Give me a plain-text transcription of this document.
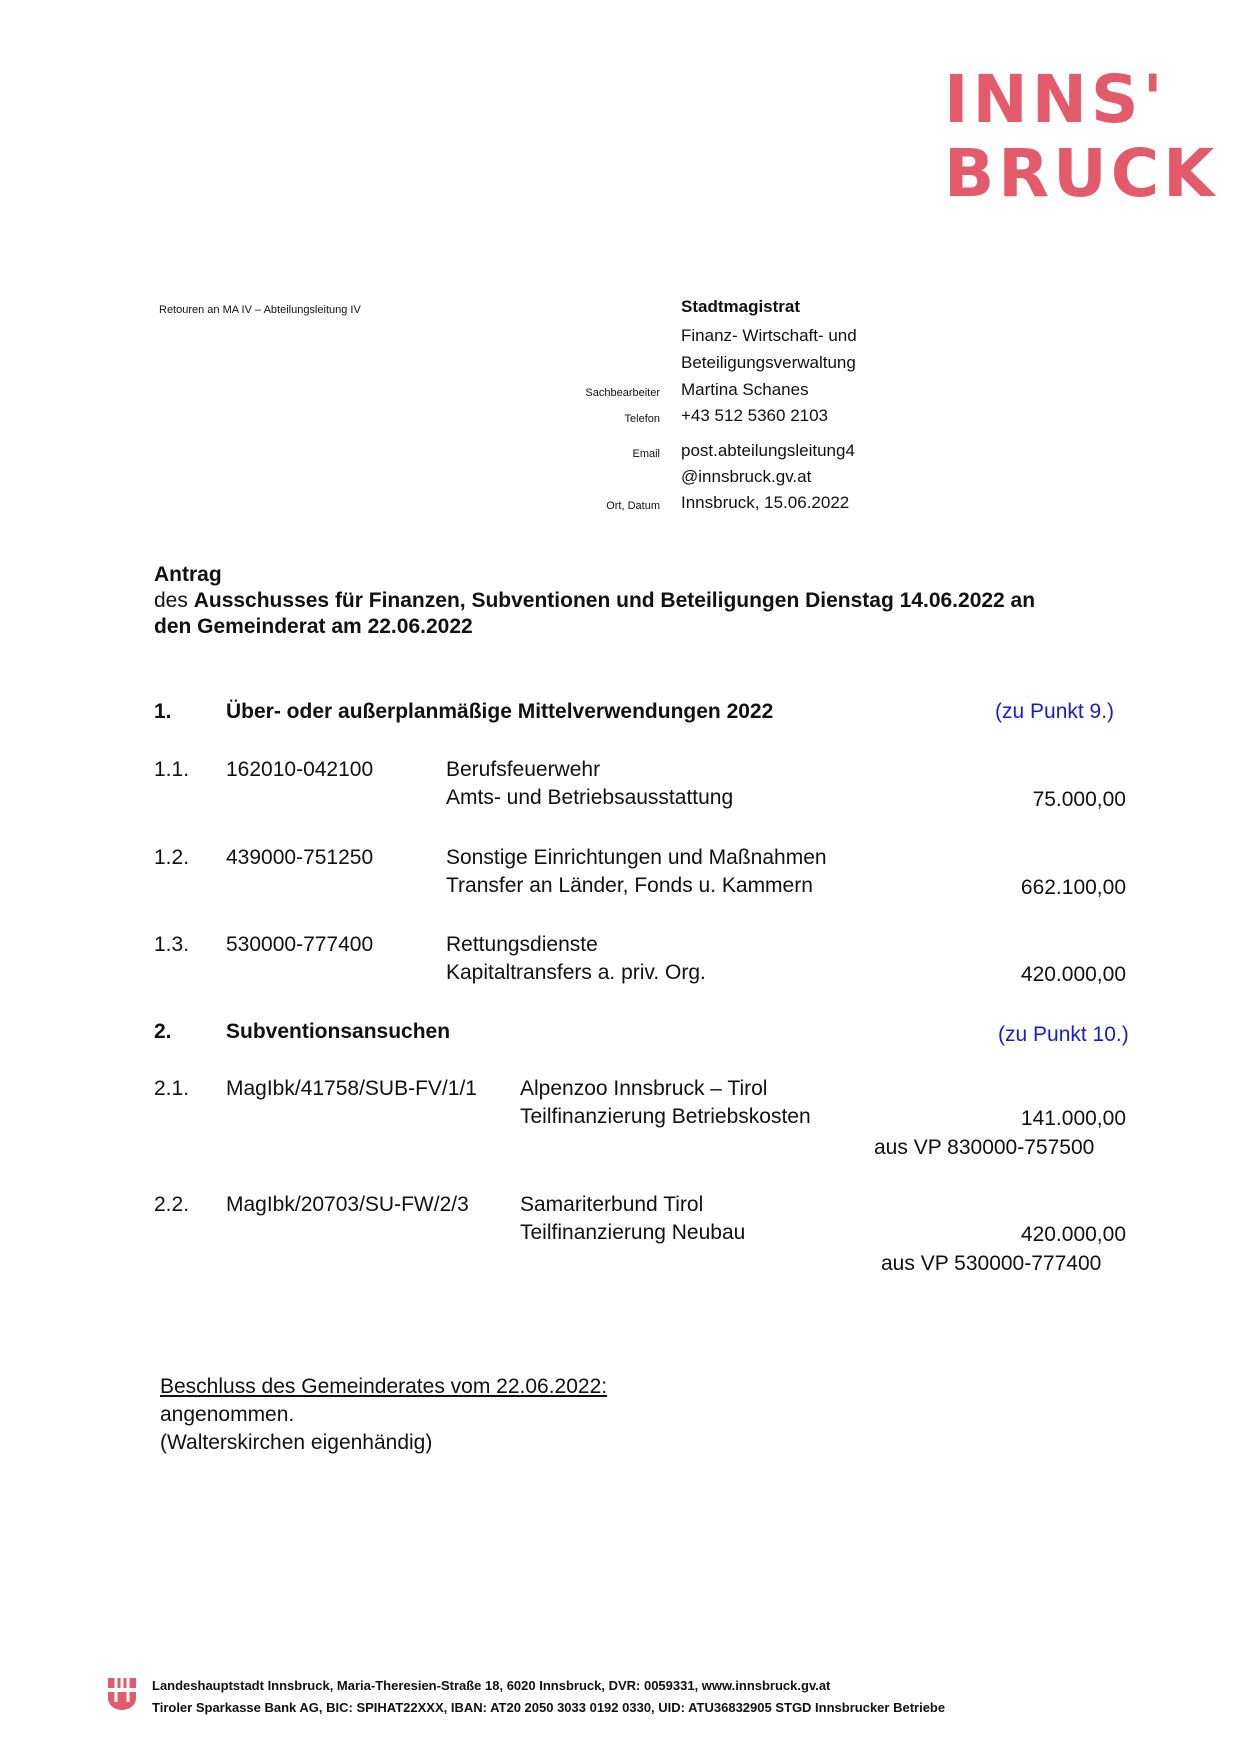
INNS'
BRUCK
Retouren an MA IV – Abteilungsleitung IV	Stadtmagistrat
Finanz- Wirtschaft- und
Beteiligungsverwaltung
Sachbearbeiter Martina Schanes
Telefon +43 512 5360 2103
Email post.abteilungsleitung4
@innsbruck.gv.at
Ort, Datum Innsbruck, 15.06.2022
Antrag
des Ausschusses für Finanzen, Subventionen und Beteiligungen Dienstag 14.06.2022 an
den Gemeinderat am 22.06.2022
1.	Über- oder außerplanmäßige Mittelverwendungen 2022	(zu Punkt 9.)
1.1. 162010-042100	Berufsfeuerwehr
Amts- und Betriebsausstattung	75.000,00
1.2. 439000-751250	Sonstige Einrichtungen und Maßnahmen
Transfer an Länder, Fonds u. Kammern	662.100,00
1.3. 530000-777400	Rettungsdienste
Kapitaltransfers a. priv. Org.	420.000,00
2.	Subventionsansuchen	(zu Punkt 10.)
2.1. MagIbk/41758/SUB-FV/1/1 Alpenzoo Innsbruck – Tirol
Teilfinanzierung Betriebskosten	141.000,00
aus VP 830000-757500
2.2. MagIbk/20703/SU-FW/2/3 Samariterbund Tirol
Teilfinanzierung Neubau	420.000,00
aus VP 530000-777400
Beschluss des Gemeinderates vom 22.06.2022:
angenommen.
(Walterskirchen eigenhändig)
Landeshauptstadt Innsbruck, Maria-Theresien-Straße 18, 6020 Innsbruck, DVR: 0059331, www.innsbruck.gv.at
Tiroler Sparkasse Bank AG, BIC: SPIHAT22XXX, IBAN: AT20 2050 3033 0192 0330, UID: ATU36832905 STGD Innsbrucker Betriebe
